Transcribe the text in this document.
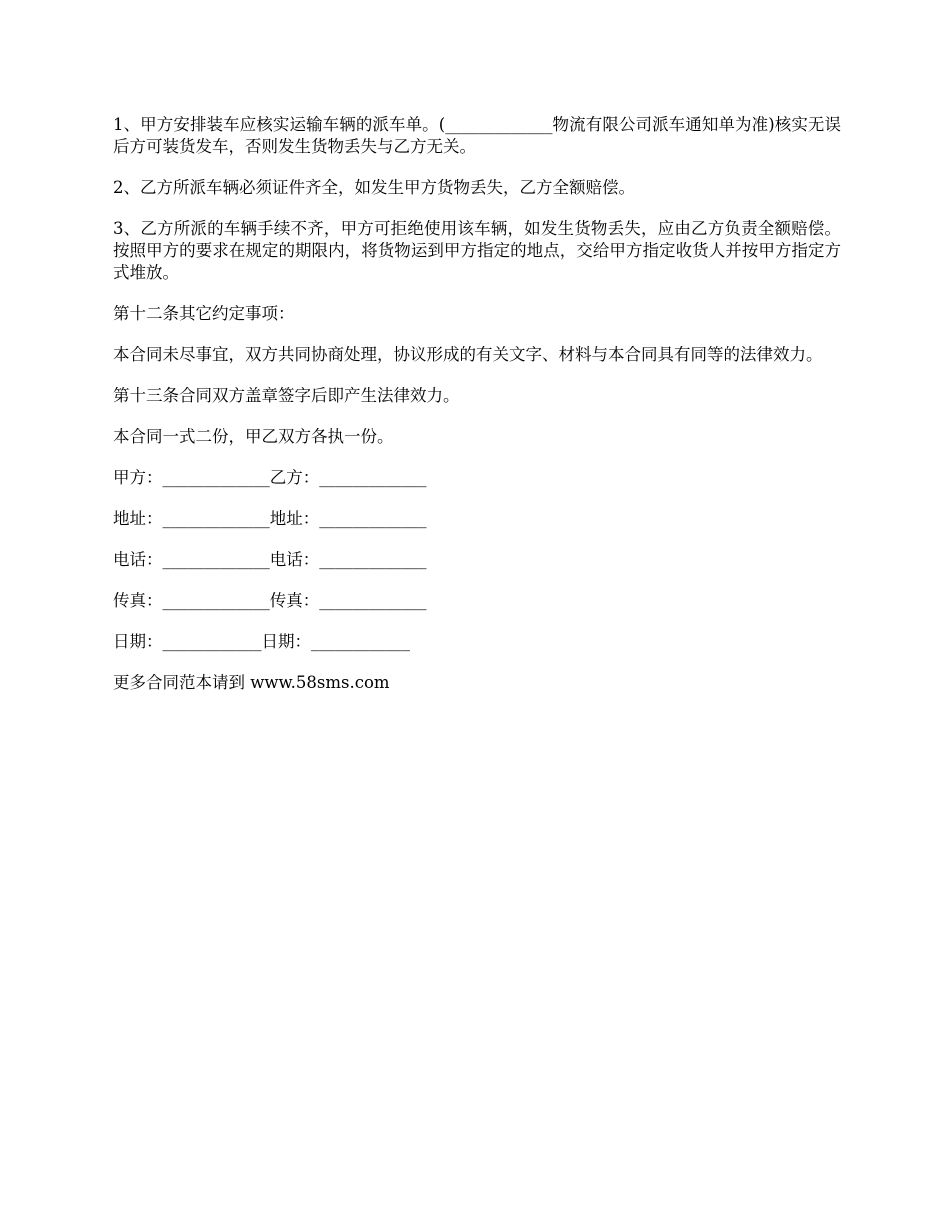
1、甲方安排装车应核实运输车辆的派车单。(_____________物流有限公司派车通知单为准)核实无误后方可装货发车，否则发生货物丢失与乙方无关。

2、乙方所派车辆必须证件齐全，如发生甲方货物丢失，乙方全额赔偿。

3、乙方所派的车辆手续不齐，甲方可拒绝使用该车辆，如发生货物丢失，应由乙方负责全额赔偿。按照甲方的要求在规定的期限内，将货物运到甲方指定的地点，交给甲方指定收货人并按甲方指定方式堆放。

第十二条其它约定事项：

本合同未尽事宜，双方共同协商处理，协议形成的有关文字、材料与本合同具有同等的法律效力。

第十三条合同双方盖章签字后即产生法律效力。

本合同一式二份，甲乙双方各执一份。

甲方：_____________乙方：_____________

地址：_____________地址：_____________

电话：_____________电话：_____________

传真：_____________传真：_____________

日期：____________日期：____________

更多合同范本请到 www.58sms.com
